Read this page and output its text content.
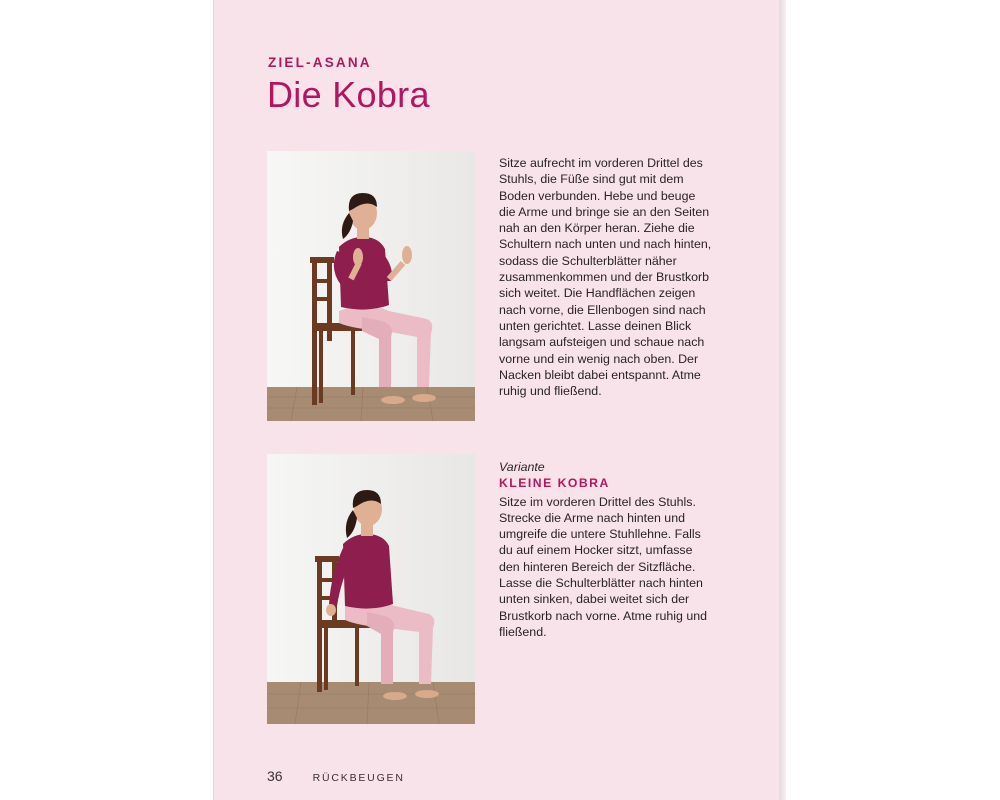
ZIEL-ASANA
Die Kobra

Sitze aufrecht im vorderen Drittel des Stuhls, die Füße sind gut mit dem Boden verbunden. Hebe und beuge die Arme und bringe sie an den Seiten nah an den Körper heran. Ziehe die Schultern nach unten und nach hinten, sodass die Schulterblätter näher zusammenkommen und der Brustkorb sich weitet. Die Handflächen zeigen nach vorne, die Ellenbogen sind nach unten gerichtet. Lasse deinen Blick langsam aufsteigen und schaue nach vorne und ein wenig nach oben. Der Nacken bleibt dabei entspannt. Atme ruhig und fließend.

Variante
KLEINE KOBRA

Sitze im vorderen Drittel des Stuhls. Strecke die Arme nach hinten und umgreife die untere Stuhllehne. Falls du auf einem Hocker sitzt, umfasse den hinteren Bereich der Sitzfläche. Lasse die Schulterblätter nach hinten unten sinken, dabei weitet sich der Brustkorb nach vorne. Atme ruhig und fließend.

36	RÜCKBEUGEN
